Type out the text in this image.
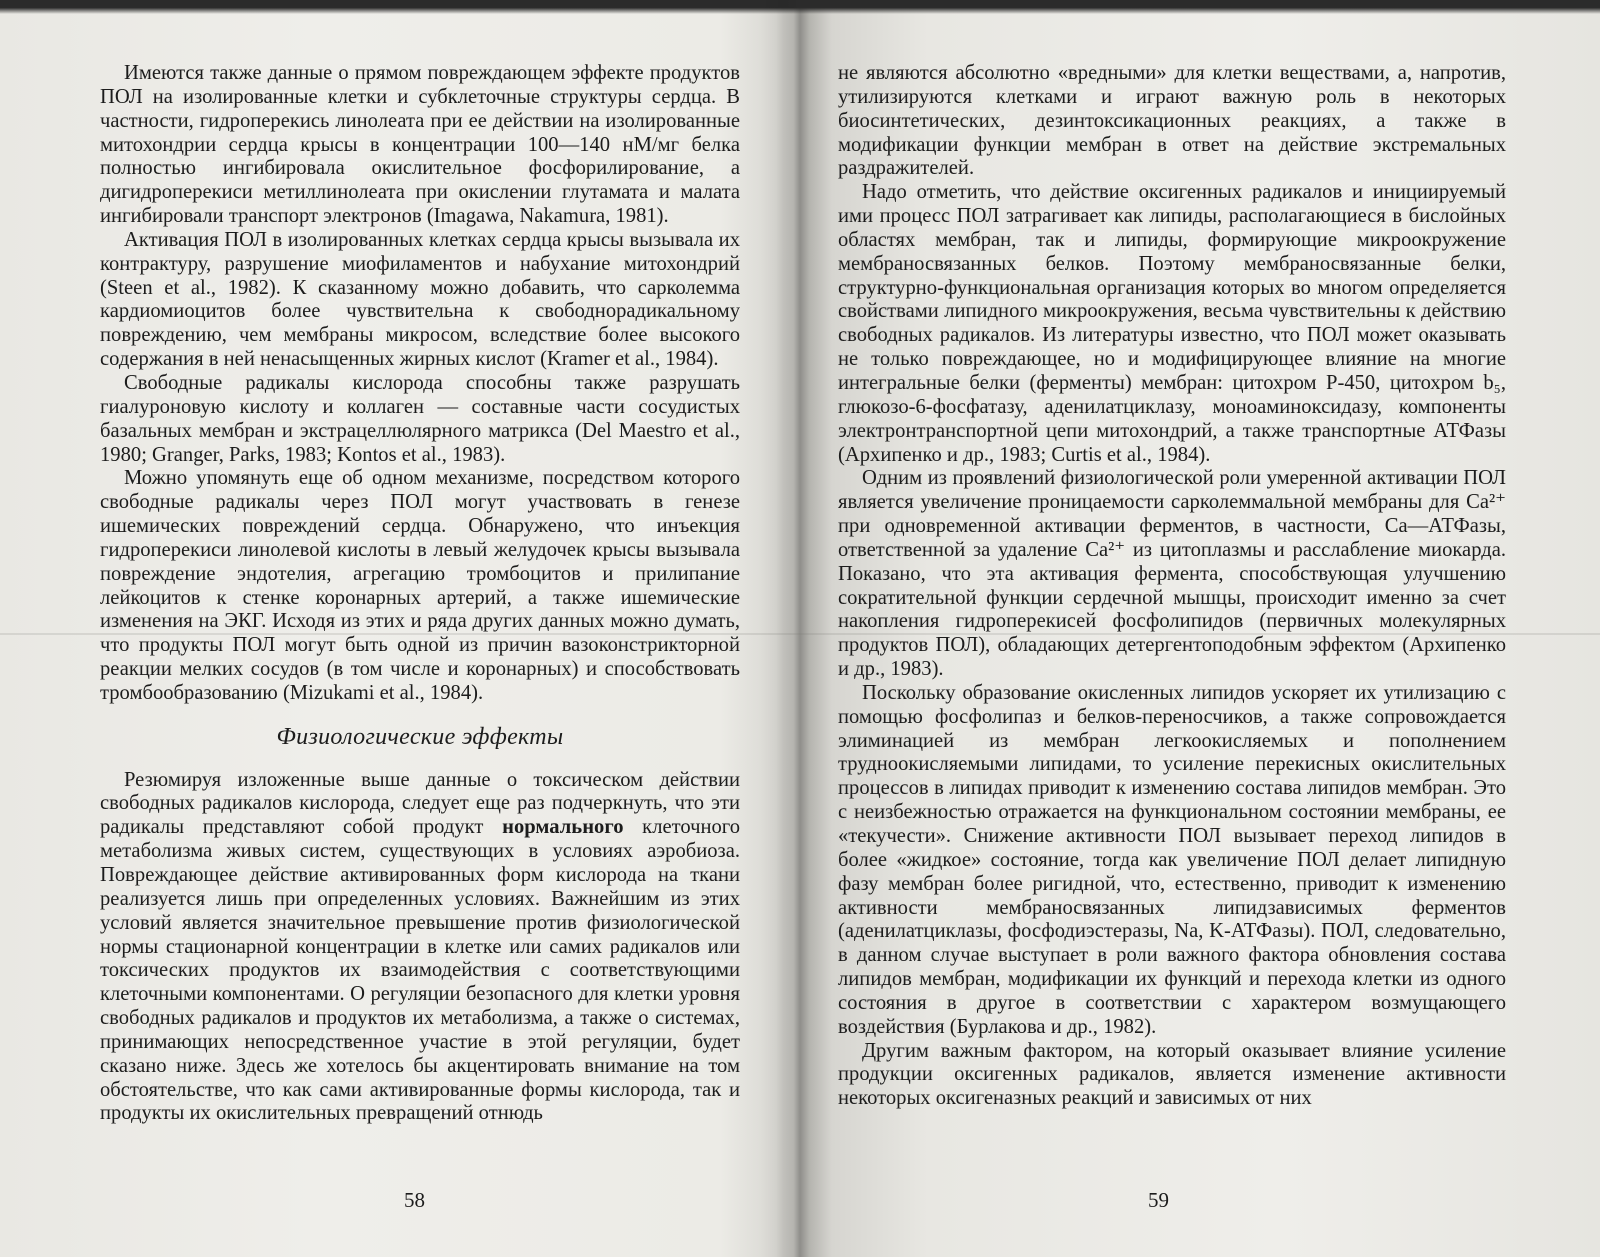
Имеются также данные о прямом повреждающем эффекте продуктов ПОЛ на изолированные клетки и субклеточные структуры сердца. В частности, гидроперекись линолеата при ее действии на изолированные митохондрии сердца крысы в концентрации 100—140 нМ/мг белка полностью ингибировала окислительное фосфорилирование, а дигидроперекиси метиллинолеата при окислении глутамата и малата ингибировали транспорт электронов (Imagawa, Nakamura, 1981).

Активация ПОЛ в изолированных клетках сердца крысы вызывала их контрактуру, разрушение миофиламентов и набухание митохондрий (Steen et al., 1982). К сказанному можно добавить, что сарколемма кардиомиоцитов более чувствительна к свободнорадикальному повреждению, чем мембраны микросом, вследствие более высокого содержания в ней ненасыщенных жирных кислот (Kramer et al., 1984).

Свободные радикалы кислорода способны также разрушать гиалуроновую кислоту и коллаген — составные части сосудистых базальных мембран и экстрацеллюлярного матрикса (Del Maestro et al., 1980; Granger, Parks, 1983; Kontos et al., 1983).

Можно упомянуть еще об одном механизме, посредством которого свободные радикалы через ПОЛ могут участвовать в генезе ишемических повреждений сердца. Обнаружено, что инъекция гидроперекиси линолевой кислоты в левый желудочек крысы вызывала повреждение эндотелия, агрегацию тромбоцитов и прилипание лейкоцитов к стенке коронарных артерий, а также ишемические изменения на ЭКГ. Исходя из этих и ряда других данных можно думать, что продукты ПОЛ могут быть одной из причин вазоконстрикторной реакции мелких сосудов (в том числе и коронарных) и способствовать тромбообразованию (Mizukami et al., 1984).

Физиологические эффекты

Резюмируя изложенные выше данные о токсическом действии свободных радикалов кислорода, следует еще раз подчеркнуть, что эти радикалы представляют собой продукт нормального клеточного метаболизма живых систем, существующих в условиях аэробиоза. Повреждающее действие активированных форм кислорода на ткани реализуется лишь при определенных условиях. Важнейшим из этих условий является значительное превышение против физиологической нормы стационарной концентрации в клетке или самих радикалов или токсических продуктов их взаимодействия с соответствующими клеточными компонентами. О регуляции безопасного для клетки уровня свободных радикалов и продуктов их метаболизма, а также о системах, принимающих непосредственное участие в этой регуляции, будет сказано ниже. Здесь же хотелось бы акцентировать внимание на том обстоятельстве, что как сами активированные формы кислорода, так и продукты их окислительных превращений отнюдь

58

не являются абсолютно «вредными» для клетки веществами, а, напротив, утилизируются клетками и играют важную роль в некоторых биосинтетических, дезинтоксикационных реакциях, а также в модификации функции мембран в ответ на действие экстремальных раздражителей.

Надо отметить, что действие оксигенных радикалов и инициируемый ими процесс ПОЛ затрагивает как липиды, располагающиеся в бислойных областях мембран, так и липиды, формирующие микроокружение мембраносвязанных белков. Поэтому мембраносвязанные белки, структурно-функциональная организация которых во многом определяется свойствами липидного микроокружения, весьма чувствительны к действию свободных радикалов. Из литературы известно, что ПОЛ может оказывать не только повреждающее, но и модифицирующее влияние на многие интегральные белки (ферменты) мембран: цитохром P-450, цитохром b₅, глюкозо-6-фосфатазу, аденилатциклазу, моноаминоксидазу, компоненты электронтранспортной цепи митохондрий, а также транспортные АТФазы (Архипенко и др., 1983; Curtis et al., 1984).

Одним из проявлений физиологической роли умеренной активации ПОЛ является увеличение проницаемости сарколеммальной мембраны для Ca²⁺ при одновременной активации ферментов, в частности, Ca—АТФазы, ответственной за удаление Ca²⁺ из цитоплазмы и расслабление миокарда. Показано, что эта активация фермента, способствующая улучшению сократительной функции сердечной мышцы, происходит именно за счет накопления гидроперекисей фосфолипидов (первичных молекулярных продуктов ПОЛ), обладающих детергентоподобным эффектом (Архипенко и др., 1983).

Поскольку образование окисленных липидов ускоряет их утилизацию с помощью фосфолипаз и белков-переносчиков, а также сопровождается элиминацией из мембран легкоокисляемых и пополнением трудноокисляемыми липидами, то усиление перекисных окислительных процессов в липидах приводит к изменению состава липидов мембран. Это с неизбежностью отражается на функциональном состоянии мембраны, ее «текучести». Снижение активности ПОЛ вызывает переход липидов в более «жидкое» состояние, тогда как увеличение ПОЛ делает липидную фазу мембран более ригидной, что, естественно, приводит к изменению активности мембраносвязанных липидзависимых ферментов (аденилатциклазы, фосфодиэстеразы, Na, K-АТФазы). ПОЛ, следовательно, в данном случае выступает в роли важного фактора обновления состава липидов мембран, модификации их функций и перехода клетки из одного состояния в другое в соответствии с характером возмущающего воздействия (Бурлакова и др., 1982).

Другим важным фактором, на который оказывает влияние усиление продукции оксигенных радикалов, является изменение активности некоторых оксигеназных реакций и зависимых от них

59
